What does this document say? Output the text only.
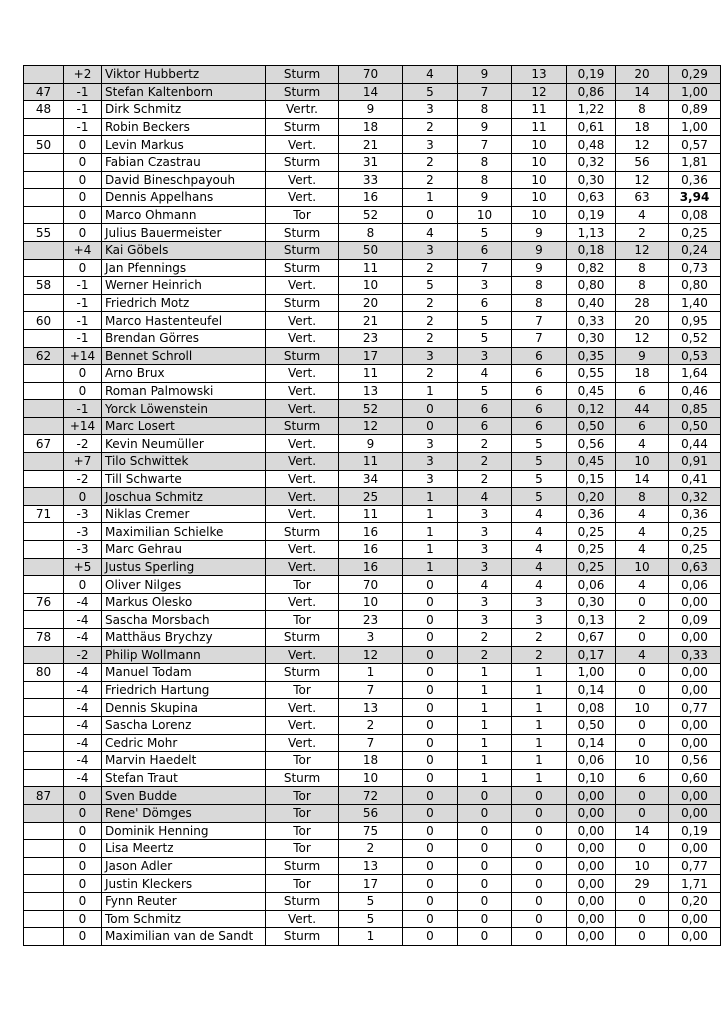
	+2	Viktor Hubbertz	Sturm	70	4	9	13	0,19	20	0,29
47	-1	Stefan Kaltenborn	Sturm	14	5	7	12	0,86	14	1,00
48	-1	Dirk Schmitz	Vertr.	9	3	8	11	1,22	8	0,89
	-1	Robin Beckers	Sturm	18	2	9	11	0,61	18	1,00
50	0	Levin Markus	Vert.	21	3	7	10	0,48	12	0,57
	0	Fabian Czastrau	Sturm	31	2	8	10	0,32	56	1,81
	0	David Bineschpayouh	Vert.	33	2	8	10	0,30	12	0,36
	0	Dennis Appelhans	Vert.	16	1	9	10	0,63	63	3,94
	0	Marco Ohmann	Tor	52	0	10	10	0,19	4	0,08
55	0	Julius Bauermeister	Sturm	8	4	5	9	1,13	2	0,25
	+4	Kai Göbels	Sturm	50	3	6	9	0,18	12	0,24
	0	Jan Pfennings	Sturm	11	2	7	9	0,82	8	0,73
58	-1	Werner Heinrich	Vert.	10	5	3	8	0,80	8	0,80
	-1	Friedrich Motz	Sturm	20	2	6	8	0,40	28	1,40
60	-1	Marco Hastenteufel	Vert.	21	2	5	7	0,33	20	0,95
	-1	Brendan Görres	Vert.	23	2	5	7	0,30	12	0,52
62	+14	Bennet Schroll	Sturm	17	3	3	6	0,35	9	0,53
	0	Arno Brux	Vert.	11	2	4	6	0,55	18	1,64
	0	Roman Palmowski	Vert.	13	1	5	6	0,45	6	0,46
	-1	Yorck Löwenstein	Vert.	52	0	6	6	0,12	44	0,85
	+14	Marc Losert	Sturm	12	0	6	6	0,50	6	0,50
67	-2	Kevin Neumüller	Vert.	9	3	2	5	0,56	4	0,44
	+7	Tilo Schwittek	Vert.	11	3	2	5	0,45	10	0,91
	-2	Till Schwarte	Vert.	34	3	2	5	0,15	14	0,41
	0	Joschua Schmitz	Vert.	25	1	4	5	0,20	8	0,32
71	-3	Niklas Cremer	Vert.	11	1	3	4	0,36	4	0,36
	-3	Maximilian Schielke	Sturm	16	1	3	4	0,25	4	0,25
	-3	Marc Gehrau	Vert.	16	1	3	4	0,25	4	0,25
	+5	Justus Sperling	Vert.	16	1	3	4	0,25	10	0,63
	0	Oliver Nilges	Tor	70	0	4	4	0,06	4	0,06
76	-4	Markus Olesko	Vert.	10	0	3	3	0,30	0	0,00
	-4	Sascha Morsbach	Tor	23	0	3	3	0,13	2	0,09
78	-4	Matthäus Brychzy	Sturm	3	0	2	2	0,67	0	0,00
	-2	Philip Wollmann	Vert.	12	0	2	2	0,17	4	0,33
80	-4	Manuel Todam	Sturm	1	0	1	1	1,00	0	0,00
	-4	Friedrich Hartung	Tor	7	0	1	1	0,14	0	0,00
	-4	Dennis Skupina	Vert.	13	0	1	1	0,08	10	0,77
	-4	Sascha Lorenz	Vert.	2	0	1	1	0,50	0	0,00
	-4	Cedric Mohr	Vert.	7	0	1	1	0,14	0	0,00
	-4	Marvin Haedelt	Tor	18	0	1	1	0,06	10	0,56
	-4	Stefan Traut	Sturm	10	0	1	1	0,10	6	0,60
87	0	Sven Budde	Tor	72	0	0	0	0,00	0	0,00
	0	Rene' Dömges	Tor	56	0	0	0	0,00	0	0,00
	0	Dominik Henning	Tor	75	0	0	0	0,00	14	0,19
	0	Lisa Meertz	Tor	2	0	0	0	0,00	0	0,00
	0	Jason Adler	Sturm	13	0	0	0	0,00	10	0,77
	0	Justin Kleckers	Tor	17	0	0	0	0,00	29	1,71
	0	Fynn Reuter	Sturm	5	0	0	0	0,00	0	0,20
	0	Tom Schmitz	Vert.	5	0	0	0	0,00	0	0,00
	0	Maximilian van de Sandt	Sturm	1	0	0	0	0,00	0	0,00
